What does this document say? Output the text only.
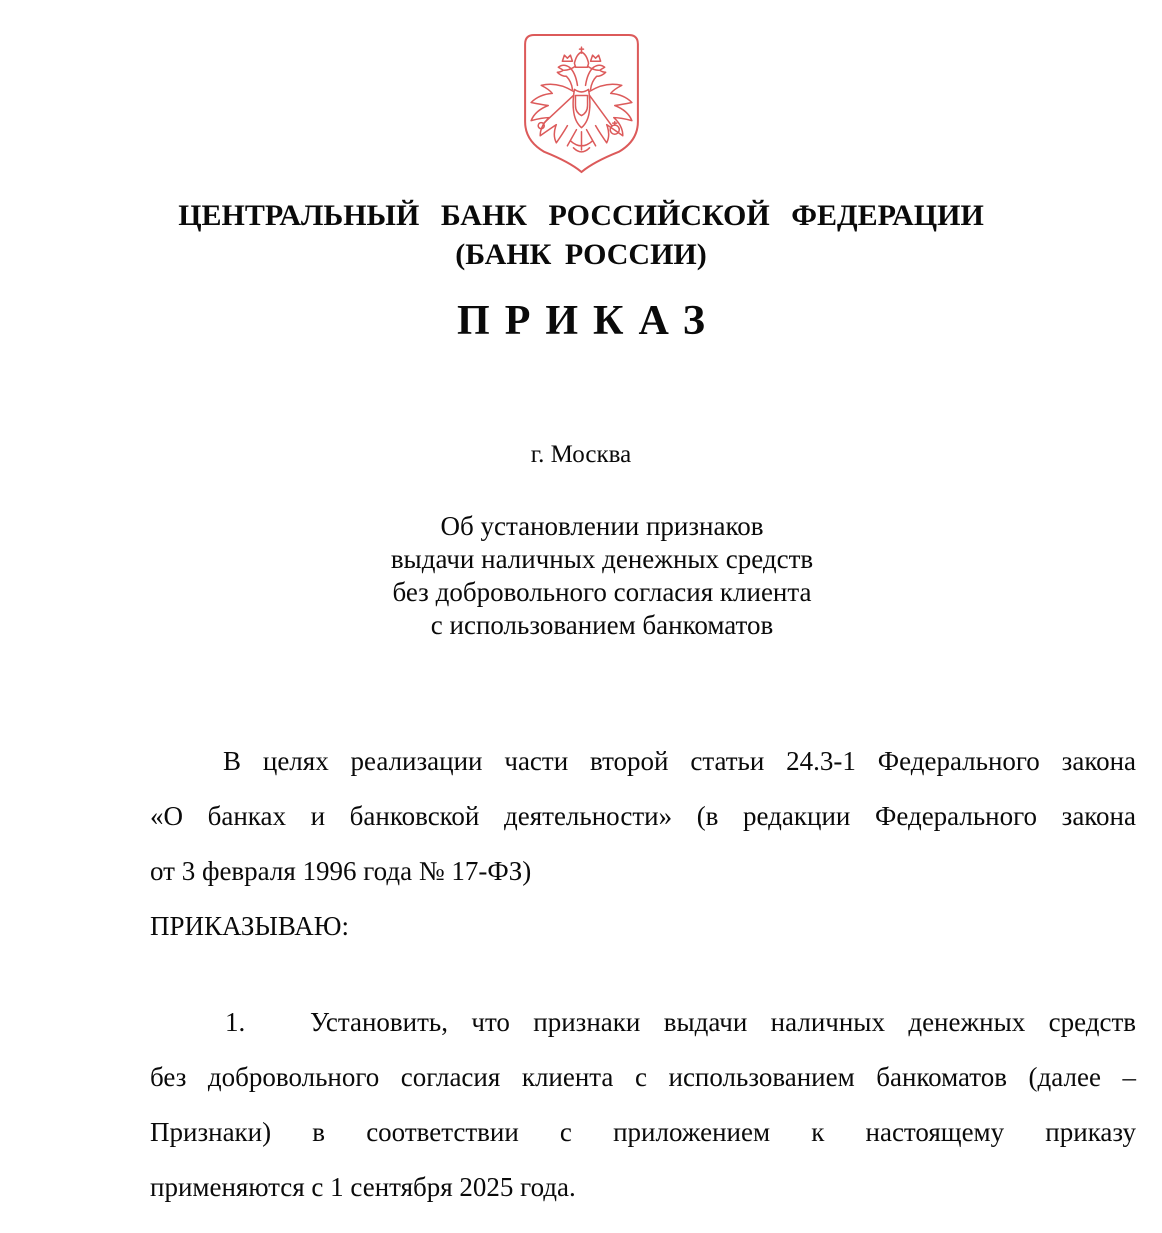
ЦЕНТРАЛЬНЫЙ БАНК РОССИЙСКОЙ ФЕДЕРАЦИИ
(БАНК РОССИИ)
ПРИКАЗ
г. Москва
Об установлении признаков
выдачи наличных денежных средств
без добровольного согласия клиента
с использованием банкоматов
В целях реализации части второй статьи 24.3-1 Федерального закона
«О банках и банковской деятельности» (в редакции Федерального закона
от 3 февраля 1996 года № 17-ФЗ)
ПРИКАЗЫВАЮ:
1. Установить, что признаки выдачи наличных денежных средств
без добровольного согласия клиента с использованием банкоматов (далее –
Признаки) в соответствии с приложением к настоящему приказу
применяются с 1 сентября 2025 года.
